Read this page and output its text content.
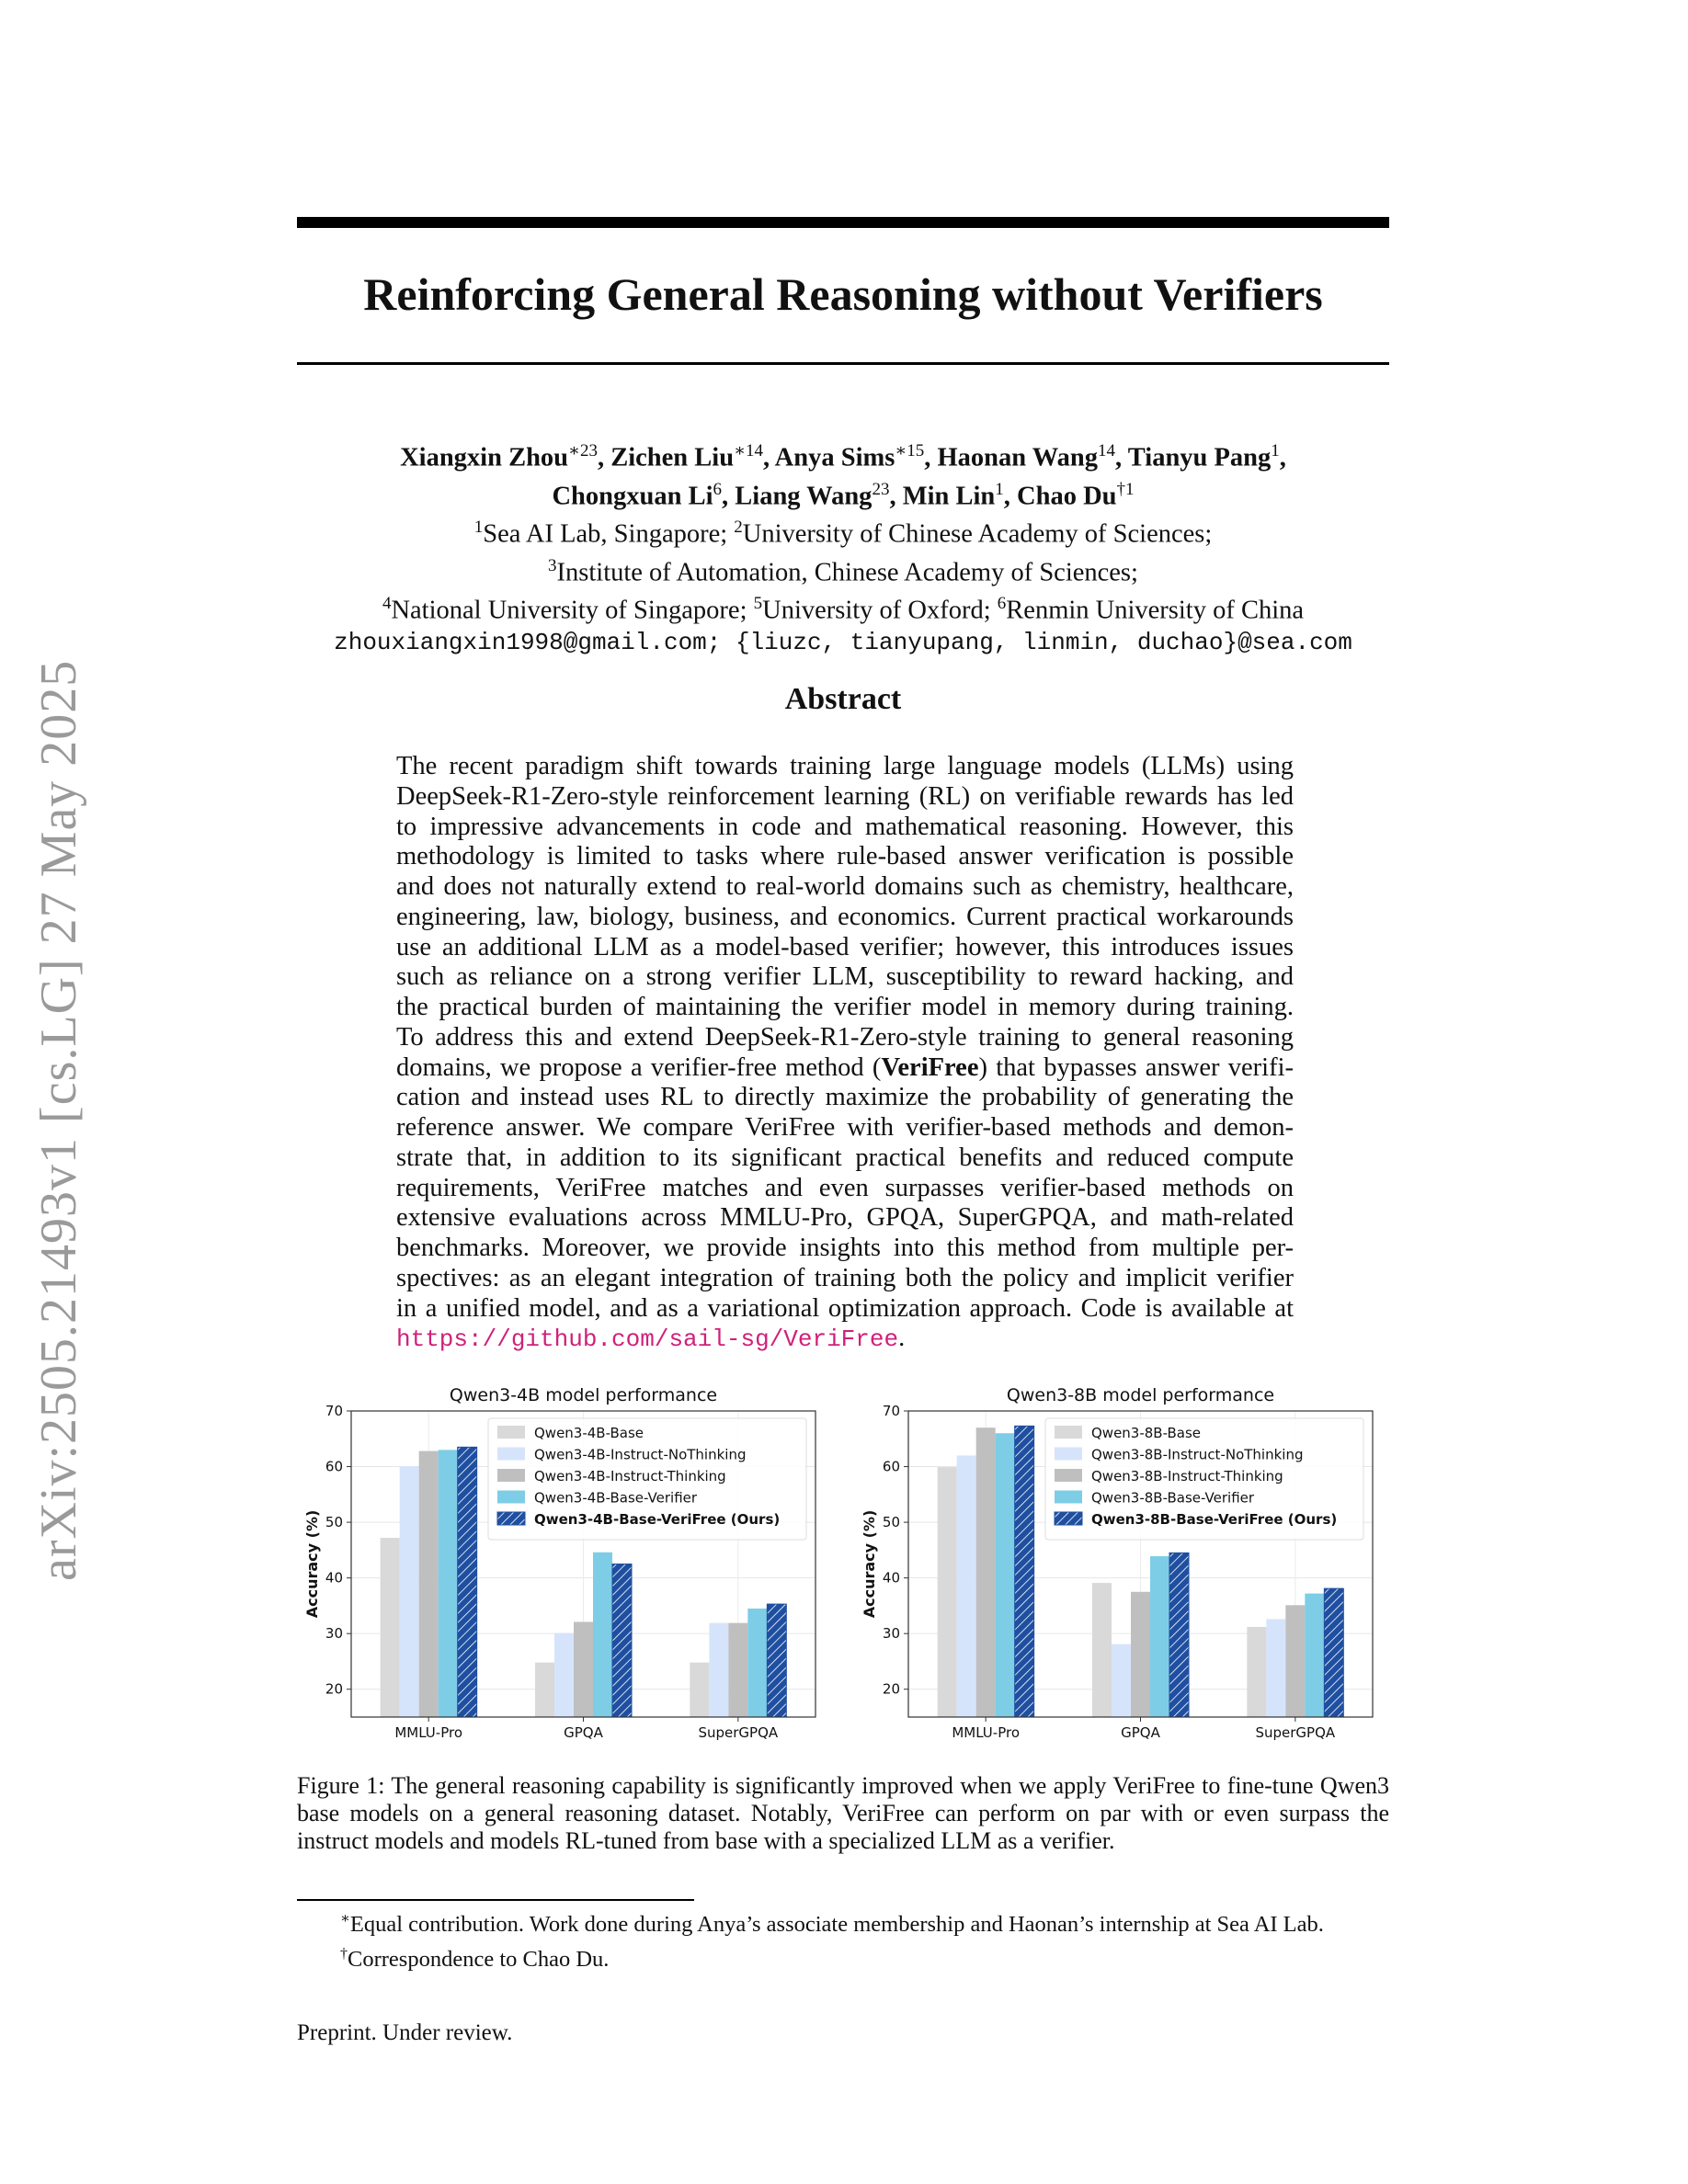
arXiv:2505.21493v1 [cs.LG] 27 May 2025
Reinforcing General Reasoning without Verifiers
Xiangxin Zhou$^{∗23}$, Zichen Liu$^{∗14}$, Anya Sims$^{∗15}$, Haonan Wang$^{14}$, Tianyu Pang$^1$,
Chongxuan Li$^6$, Liang Wang$^{23}$, Min Lin$^1$, Chao Du$^{\dagger 1}$
$^1$Sea AI Lab, Singapore; $^2$University of Chinese Academy of Sciences;
$^3$Institute of Automation, Chinese Academy of Sciences;
$^4$National University of Singapore; $^5$University of Oxford; $^6$Renmin University of China
zhouxiangxin1998@gmail.com; {liuzc, tianyupang, linmin, duchao}@sea.com
Abstract
The recent paradigm shift towards training large language models (LLMs) using
DeepSeek-R1-Zero-style reinforcement learning (RL) on verifiable rewards has led
to impressive advancements in code and mathematical reasoning. However, this
methodology is limited to tasks where rule-based answer verification is possible
and does not naturally extend to real-world domains such as chemistry, healthcare,
engineering, law, biology, business, and economics. Current practical workarounds
use an additional LLM as a model-based verifier; however, this introduces issues
such as reliance on a strong verifier LLM, susceptibility to reward hacking, and
the practical burden of maintaining the verifier model in memory during training.
To address this and extend DeepSeek-R1-Zero-style training to general reasoning
domains, we propose a verifier-free method (VeriFree) that bypasses answer verifi-
cation and instead uses RL to directly maximize the probability of generating the
reference answer. We compare VeriFree with verifier-based methods and demon-
strate that, in addition to its significant practical benefits and reduced compute
requirements, VeriFree matches and even surpasses verifier-based methods on
extensive evaluations across MMLU-Pro, GPQA, SuperGPQA, and math-related
benchmarks. Moreover, we provide insights into this method from multiple per-
spectives: as an elegant integration of training both the policy and implicit verifier
in a unified model, and as a variational optimization approach. Code is available at
https://github.com/sail-sg/VeriFree.
Qwen3-4B model performance
20
30
40
50
60
70
MMLU-Pro	GPQA	SuperGPQA
Accuracy (%)
Qwen3-4B-Base
Qwen3-4B-Instruct-NoThinking
Qwen3-4B-Instruct-Thinking
Qwen3-4B-Base-Verifier
Qwen3-4B-Base-VeriFree (Ours)
Qwen3-8B model performance
20
30
40
50
60
70
MMLU-Pro	GPQA	SuperGPQA
Accuracy (%)
Qwen3-8B-Base
Qwen3-8B-Instruct-NoThinking
Qwen3-8B-Instruct-Thinking
Qwen3-8B-Base-Verifier
Qwen3-8B-Base-VeriFree (Ours)
Figure 1: The general reasoning capability is significantly improved when we apply VeriFree to fine-tune Qwen3
base models on a general reasoning dataset. Notably, VeriFree can perform on par with or even surpass the
instruct models and models RL-tuned from base with a specialized LLM as a verifier.
∗Equal contribution. Work done during Anya’s associate membership and Haonan’s internship at Sea AI Lab.
†Correspondence to Chao Du.
Preprint. Under review.
